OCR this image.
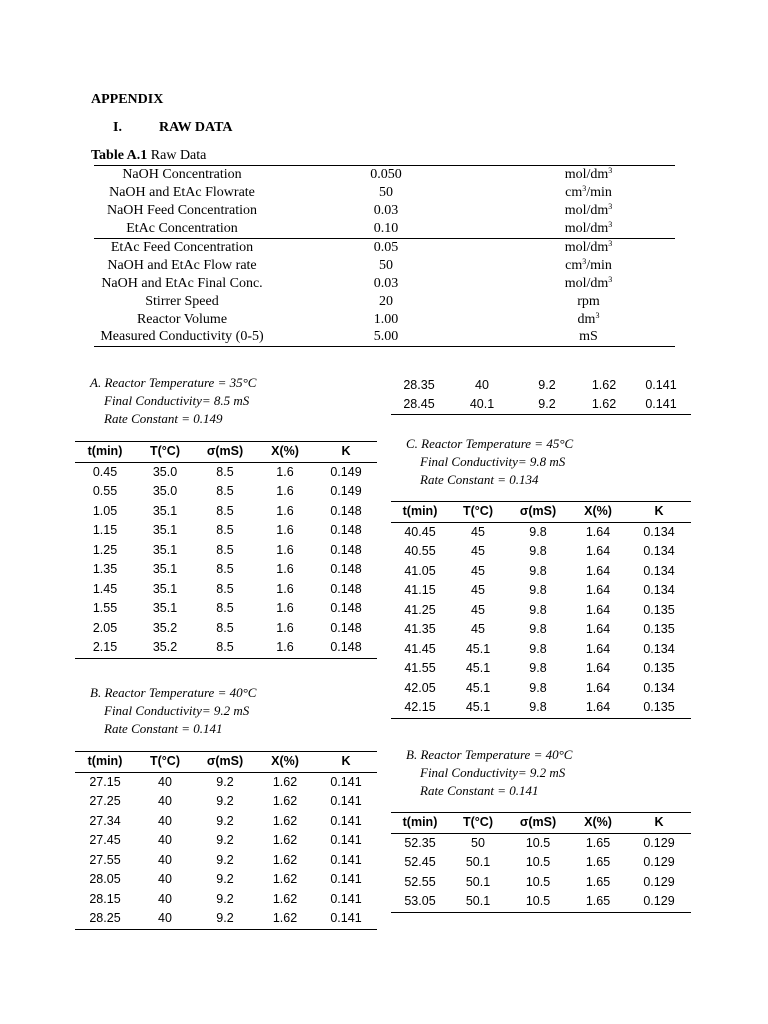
APPENDIX
I.	RAW DATA
Table A.1 Raw Data
NaOH Concentration	0.050	mol/$dm^3$
NaOH and EtAc Flowrate	50	$cm^3/\min$
NaOH Feed Concentration	0.03	mol/$dm^3$
EtAc Concentration	0.10	mol/$dm^3$
EtAc Feed Concentration	0.05	mol/$dm^3$
NaOH and EtAc Flow rate	50	$cm^3/\min$
NaOH and EtAc Final Conc.	0.03	mol/$dm^3$
Stirrer Speed	20	rpm
Reactor Volume	1.00	$dm^3$
Measured Conductivity (0-5)	5.00	mS
A. Reactor Temperature = 35°C
Final Conductivity= 8.5 mS
Rate Constant = 0.149
t(min)	T(°C)	σ(mS)	X(%)	K
0.45	35.0	8.5	1.6	0.149
0.55	35.0	8.5	1.6	0.149
1.05	35.1	8.5	1.6	0.148
1.15	35.1	8.5	1.6	0.148
1.25	35.1	8.5	1.6	0.148
1.35	35.1	8.5	1.6	0.148
1.45	35.1	8.5	1.6	0.148
1.55	35.1	8.5	1.6	0.148
2.05	35.2	8.5	1.6	0.148
2.15	35.2	8.5	1.6	0.148
B. Reactor Temperature = 40°C
Final Conductivity= 9.2 mS
Rate Constant = 0.141
t(min)	T(°C)	σ(mS)	X(%)	K
27.15	40	9.2	1.62	0.141
27.25	40	9.2	1.62	0.141
27.34	40	9.2	1.62	0.141
27.45	40	9.2	1.62	0.141
27.55	40	9.2	1.62	0.141
28.05	40	9.2	1.62	0.141
28.15	40	9.2	1.62	0.141
28.25	40	9.2	1.62	0.141
28.35	40	9.2	1.62	0.141
28.45	40.1	9.2	1.62	0.141
C. Reactor Temperature = 45°C
Final Conductivity= 9.8 mS
Rate Constant = 0.134
t(min)	T(°C)	σ(mS)	X(%)	K
40.45	45	9.8	1.64	0.134
40.55	45	9.8	1.64	0.134
41.05	45	9.8	1.64	0.134
41.15	45	9.8	1.64	0.134
41.25	45	9.8	1.64	0.135
41.35	45	9.8	1.64	0.135
41.45	45.1	9.8	1.64	0.134
41.55	45.1	9.8	1.64	0.135
42.05	45.1	9.8	1.64	0.134
42.15	45.1	9.8	1.64	0.135
B. Reactor Temperature = 40°C
Final Conductivity= 9.2 mS
Rate Constant = 0.141
t(min)	T(°C)	σ(mS)	X(%)	K
52.35	50	10.5	1.65	0.129
52.45	50.1	10.5	1.65	0.129
52.55	50.1	10.5	1.65	0.129
53.05	50.1	10.5	1.65	0.129
